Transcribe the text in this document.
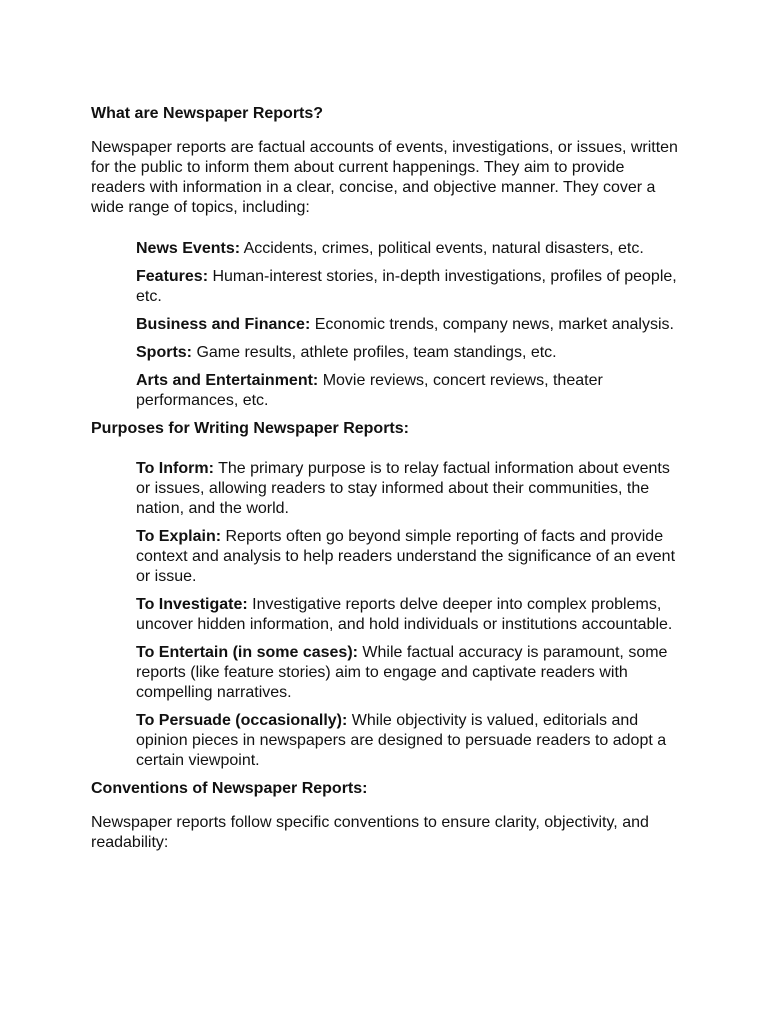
What are Newspaper Reports?

Newspaper reports are factual accounts of events, investigations, or issues, written for the public to inform them about current happenings. They aim to provide readers with information in a clear, concise, and objective manner. They cover a wide range of topics, including:

News Events: Accidents, crimes, political events, natural disasters, etc.
Features: Human-interest stories, in-depth investigations, profiles of people, etc.
Business and Finance: Economic trends, company news, market analysis.
Sports: Game results, athlete profiles, team standings, etc.
Arts and Entertainment: Movie reviews, concert reviews, theater performances, etc.
Purposes for Writing Newspaper Reports:
To Inform: The primary purpose is to relay factual information about events or issues, allowing readers to stay informed about their communities, the nation, and the world.
To Explain: Reports often go beyond simple reporting of facts and provide context and analysis to help readers understand the significance of an event or issue.
To Investigate: Investigative reports delve deeper into complex problems, uncover hidden information, and hold individuals or institutions accountable.
To Entertain (in some cases): While factual accuracy is paramount, some reports (like feature stories) aim to engage and captivate readers with compelling narratives.
To Persuade (occasionally): While objectivity is valued, editorials and opinion pieces in newspapers are designed to persuade readers to adopt a certain viewpoint.
Conventions of Newspaper Reports:

Newspaper reports follow specific conventions to ensure clarity, objectivity, and readability:
